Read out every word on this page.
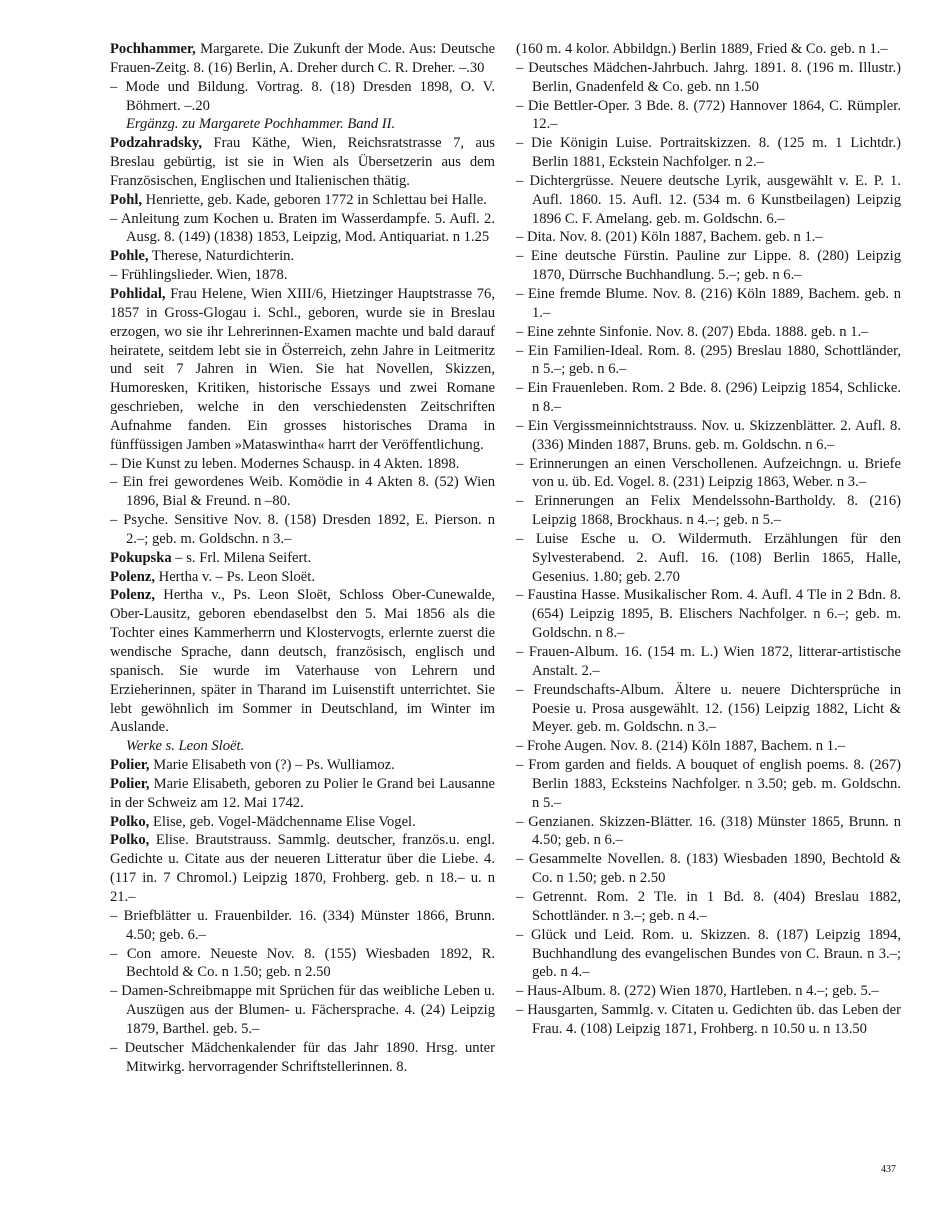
Pochhammer, Margarete. Die Zukunft der Mode. Aus: Deutsche Frauen-Zeitg. 8. (16) Berlin, A. Dreher durch C. R. Dreher. –.30

– Mode und Bildung. Vortrag. 8. (18) Dresden 1898, O. V. Böhmert. –.20

Ergänzg. zu Margarete Pochhammer. Band II.

Podzahradsky, Frau Käthe, Wien, Reichsratstrasse 7, aus Breslau gebürtig, ist sie in Wien als Übersetzerin aus dem Französischen, Englischen und Italienischen thätig.

Pohl, Henriette, geb. Kade, geboren 1772 in Schlettau bei Halle.

– Anleitung zum Kochen u. Braten im Wasserdampfe. 5. Aufl. 2. Ausg. 8. (149) (1838) 1853, Leipzig, Mod. Antiquariat. n 1.25

Pohle, Therese, Naturdichterin.

– Frühlingslieder. Wien, 1878.

Pohlidal, Frau Helene, Wien XIII/6, Hietzinger Hauptstrasse 76, 1857 in Gross-Glogau i. Schl., geboren, wurde sie in Breslau erzogen, wo sie ihr Lehrerinnen-Examen machte und bald darauf heiratete, seitdem lebt sie in Österreich, zehn Jahre in Leitmeritz und seit 7 Jahren in Wien. Sie hat Novellen, Skizzen, Humoresken, Kritiken, historische Essays und zwei Romane geschrieben, welche in den verschiedensten Zeitschriften Aufnahme fanden. Ein grosses historisches Drama in fünffüssigen Jamben »Mataswintha« harrt der Veröffentlichung.

– Die Kunst zu leben. Modernes Schausp. in 4 Akten. 1898.

– Ein frei gewordenes Weib. Komödie in 4 Akten 8. (52) Wien 1896, Bial & Freund. n –80.

– Psyche. Sensitive Nov. 8. (158) Dresden 1892, E. Pierson. n 2.–; geb. m. Goldschn. n 3.–

Pokupska – s. Frl. Milena Seifert.

Polenz, Hertha v. – Ps. Leon Sloët.

Polenz, Hertha v., Ps. Leon Sloët, Schloss Ober-Cunewalde, Ober-Lausitz, geboren ebendaselbst den 5. Mai 1856 als die Tochter eines Kammerherrn und Klostervogts, erlernte zuerst die wendische Sprache, dann deutsch, französisch, englisch und spanisch. Sie wurde im Vaterhause von Lehrern und Erzieherinnen, später in Tharand im Luisenstift unterrichtet. Sie lebt gewöhnlich im Sommer in Deutschland, im Winter im Auslande.

Werke s. Leon Sloët.

Polier, Marie Elisabeth von (?) – Ps. Wulliamoz.

Polier, Marie Elisabeth, geboren zu Polier le Grand bei Lausanne in der Schweiz am 12. Mai 1742.

Polko, Elise, geb. Vogel-Mädchenname Elise Vogel.

Polko, Elise. Brautstrauss. Sammlg. deutscher, französ.u. engl. Gedichte u. Citate aus der neueren Litteratur über die Liebe. 4. (117 in. 7 Chromol.) Leipzig 1870, Frohberg. geb. n 18.– u. n 21.–

– Briefblätter u. Frauenbilder. 16. (334) Münster 1866, Brunn. 4.50; geb. 6.–

– Con amore. Neueste Nov. 8. (155) Wiesbaden 1892, R. Bechtold & Co. n 1.50; geb. n 2.50

– Damen-Schreibmappe mit Sprüchen für das weibliche Leben u. Auszügen aus der Blumen- u. Fächersprache. 4. (24) Leipzig 1879, Barthel. geb. 5.–

– Deutscher Mädchenkalender für das Jahr 1890. Hrsg. unter Mitwirkg. hervorragender Schriftstellerinnen. 8.

(160 m. 4 kolor. Abbildgn.) Berlin 1889, Fried & Co. geb. n 1.–

– Deutsches Mädchen-Jahrbuch. Jahrg. 1891. 8. (196 m. Illustr.) Berlin, Gnadenfeld & Co. geb. nn 1.50

– Die Bettler-Oper. 3 Bde. 8. (772) Hannover 1864, C. Rümpler. 12.–

– Die Königin Luise. Portraitskizzen. 8. (125 m. 1 Lichtdr.) Berlin 1881, Eckstein Nachfolger. n 2.–

– Dichtergrüsse. Neuere deutsche Lyrik, ausgewählt v. E. P. 1. Aufl. 1860. 15. Aufl. 12. (534 m. 6 Kunstbeilagen) Leipzig 1896 C. F. Amelang. geb. m. Goldschn. 6.–

– Dita. Nov. 8. (201) Köln 1887, Bachem. geb. n 1.–

– Eine deutsche Fürstin. Pauline zur Lippe. 8. (280) Leipzig 1870, Dürrsche Buchhandlung. 5.–; geb. n 6.–

– Eine fremde Blume. Nov. 8. (216) Köln 1889, Bachem. geb. n 1.–

– Eine zehnte Sinfonie. Nov. 8. (207) Ebda. 1888. geb. n 1.–

– Ein Familien-Ideal. Rom. 8. (295) Breslau 1880, Schottländer, n 5.–; geb. n 6.–

– Ein Frauenleben. Rom. 2 Bde. 8. (296) Leipzig 1854, Schlicke. n 8.–

– Ein Vergissmeinnichtstrauss. Nov. u. Skizzenblätter. 2. Aufl. 8. (336) Minden 1887, Bruns. geb. m. Goldschn. n 6.–

– Erinnerungen an einen Verschollenen. Aufzeichngn. u. Briefe von u. üb. Ed. Vogel. 8. (231) Leipzig 1863, Weber. n 3.–

– Erinnerungen an Felix Mendelssohn-Bartholdy. 8. (216) Leipzig 1868, Brockhaus. n 4.–; geb. n 5.–

– Luise Esche u. O. Wildermuth. Erzählungen für den Sylvesterabend. 2. Aufl. 16. (108) Berlin 1865, Halle, Gesenius. 1.80; geb. 2.70

– Faustina Hasse. Musikalischer Rom. 4. Aufl. 4 Tle in 2 Bdn. 8. (654) Leipzig 1895, B. Elischers Nachfolger. n 6.–; geb. m. Goldschn. n 8.–

– Frauen-Album. 16. (154 m. L.) Wien 1872, litterar-artistische Anstalt. 2.–

– Freundschafts-Album. Ältere u. neuere Dichtersprüche in Poesie u. Prosa ausgewählt. 12. (156) Leipzig 1882, Licht & Meyer. geb. m. Goldschn. n 3.–

– Frohe Augen. Nov. 8. (214) Köln 1887, Bachem. n 1.–

– From garden and fields. A bouquet of english poems. 8. (267) Berlin 1883, Ecksteins Nachfolger. n 3.50; geb. m. Goldschn. n 5.–

– Genzianen. Skizzen-Blätter. 16. (318) Münster 1865, Brunn. n 4.50; geb. n 6.–

– Gesammelte Novellen. 8. (183) Wiesbaden 1890, Bechtold & Co. n 1.50; geb. n 2.50

– Getrennt. Rom. 2 Tle. in 1 Bd. 8. (404) Breslau 1882, Schottländer. n 3.–; geb. n 4.–

– Glück und Leid. Rom. u. Skizzen. 8. (187) Leipzig 1894, Buchhandlung des evangelischen Bundes von C. Braun. n 3.–; geb. n 4.–

– Haus-Album. 8. (272) Wien 1870, Hartleben. n 4.–; geb. 5.–

– Hausgarten, Sammlg. v. Citaten u. Gedichten üb. das Leben der Frau. 4. (108) Leipzig 1871, Frohberg. n 10.50 u. n 13.50

437
